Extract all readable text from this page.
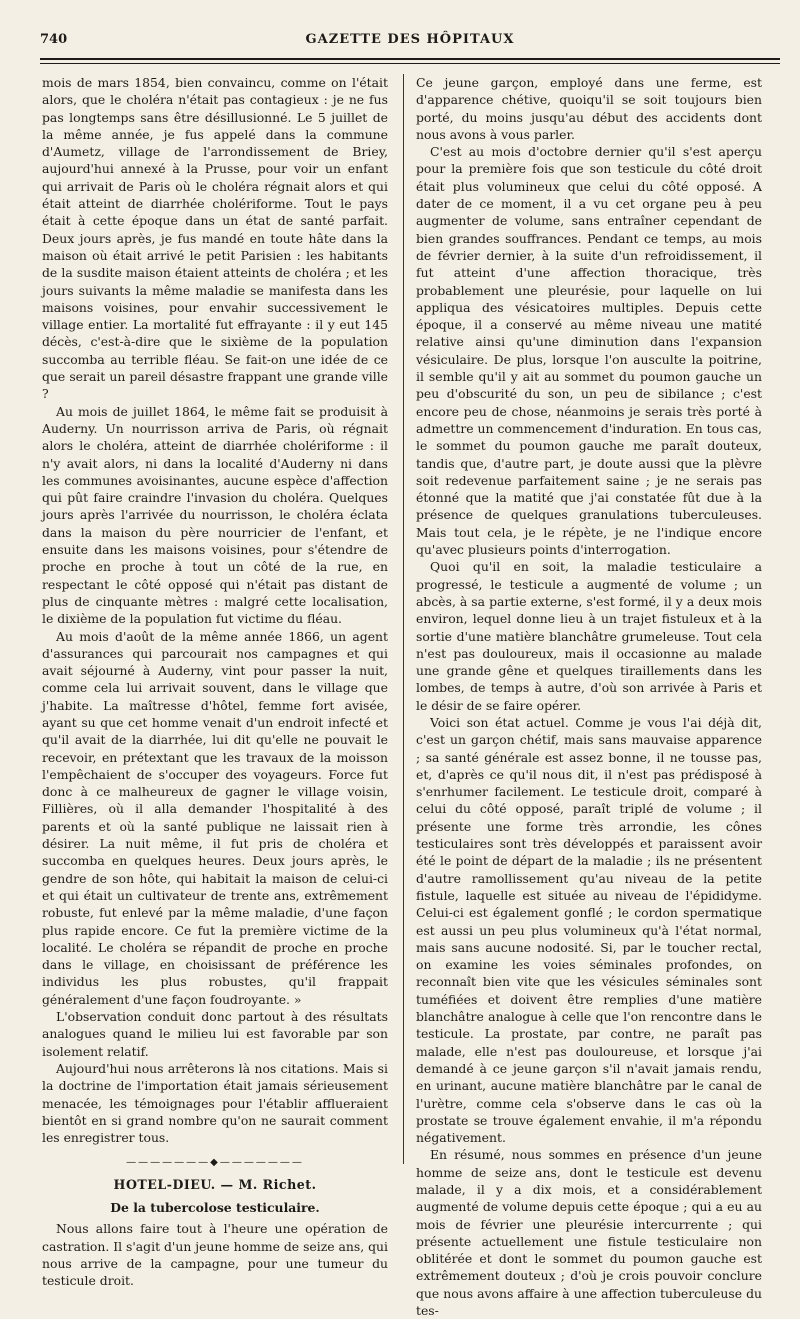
740	GAZETTE DES HÔPITAUX

mois de mars 1854, bien convaincu, comme on l'était alors, que le choléra n'était pas contagieux : je ne fus pas longtemps sans être désillusionné. Le 5 juillet de la même année, je fus appelé dans la commune d'Aumetz, village de l'arrondissement de Briey, aujourd'hui annexé à la Prusse, pour voir un enfant qui arrivait de Paris où le choléra régnait alors et qui était atteint de diarrhée cholériforme. Tout le pays était à cette époque dans un état de santé parfait. Deux jours après, je fus mandé en toute hâte dans la maison où était arrivé le petit Parisien : les habitants de la susdite maison étaient atteints de choléra ; et les jours suivants la même maladie se manifesta dans les maisons voisines, pour envahir successivement le village entier. La mortalité fut effrayante : il y eut 145 décès, c'est-à-dire que le sixième de la population succomba au terrible fléau. Se fait-on une idée de ce que serait un pareil désastre frappant une grande ville ?

Au mois de juillet 1864, le même fait se produisit à Auderny. Un nourrisson arriva de Paris, où régnait alors le choléra, atteint de diarrhée cholériforme : il n'y avait alors, ni dans la localité d'Auderny ni dans les communes avoisinantes, aucune espèce d'affection qui pût faire craindre l'invasion du choléra. Quelques jours après l'arrivée du nourrisson, le choléra éclata dans la maison du père nourricier de l'enfant, et ensuite dans les maisons voisines, pour s'étendre de proche en proche à tout un côté de la rue, en respectant le côté opposé qui n'était pas distant de plus de cinquante mètres : malgré cette localisation, le dixième de la population fut victime du fléau.

Au mois d'août de la même année 1866, un agent d'assurances qui parcourait nos campagnes et qui avait séjourné à Auderny, vint pour passer la nuit, comme cela lui arrivait souvent, dans le village que j'habite. La maîtresse d'hôtel, femme fort avisée, ayant su que cet homme venait d'un endroit infecté et qu'il avait de la diarrhée, lui dit qu'elle ne pouvait le recevoir, en prétextant que les travaux de la moisson l'empêchaient de s'occuper des voyageurs. Force fut donc à ce malheureux de gagner le village voisin, Fillières, où il alla demander l'hospitalité à des parents et où la santé publique ne laissait rien à désirer. La nuit même, il fut pris de choléra et succomba en quelques heures. Deux jours après, le gendre de son hôte, qui habitait la maison de celui-ci et qui était un cultivateur de trente ans, extrêmement robuste, fut enlevé par la même maladie, d'une façon plus rapide encore. Ce fut la première victime de la localité. Le choléra se répandit de proche en proche dans le village, en choisissant de préférence les individus les plus robustes, qu'il frappait généralement d'une façon foudroyante. »

L'observation conduit donc partout à des résultats analogues quand le milieu lui est favorable par son isolement relatif.

Aujourd'hui nous arrêterons là nos citations. Mais si la doctrine de l'importation était jamais sérieusement menacée, les témoignages pour l'établir afflueraient bientôt en si grand nombre qu'on ne saurait comment les enregistrer tous.

———————◆———————
HOTEL-DIEU. — M. Richet.
De la tubercolose testiculaire.

Nous allons faire tout à l'heure une opération de castration. Il s'agit d'un jeune homme de seize ans, qui nous arrive de la campagne, pour une tumeur du testicule droit.

Ce jeune garçon, employé dans une ferme, est d'apparence chétive, quoiqu'il se soit toujours bien porté, du moins jusqu'au début des accidents dont nous avons à vous parler.

C'est au mois d'octobre dernier qu'il s'est aperçu pour la première fois que son testicule du côté droit était plus volumineux que celui du côté opposé. A dater de ce moment, il a vu cet organe peu à peu augmenter de volume, sans entraîner cependant de bien grandes souffrances. Pendant ce temps, au mois de février dernier, à la suite d'un refroidissement, il fut atteint d'une affection thoracique, très probablement une pleurésie, pour laquelle on lui appliqua des vésicatoires multiples. Depuis cette époque, il a conservé au même niveau une matité relative ainsi qu'une diminution dans l'expansion vésiculaire. De plus, lorsque l'on ausculte la poitrine, il semble qu'il y ait au sommet du poumon gauche un peu d'obscurité du son, un peu de sibilance ; c'est encore peu de chose, néanmoins je serais très porté à admettre un commencement d'induration. En tous cas, le sommet du poumon gauche me paraît douteux, tandis que, d'autre part, je doute aussi que la plèvre soit redevenue parfaitement saine ; je ne serais pas étonné que la matité que j'ai constatée fût due à la présence de quelques granulations tuberculeuses. Mais tout cela, je le répète, je ne l'indique encore qu'avec plusieurs points d'interrogation.

Quoi qu'il en soit, la maladie testiculaire a progressé, le testicule a augmenté de volume ; un abcès, à sa partie externe, s'est formé, il y a deux mois environ, lequel donne lieu à un trajet fistuleux et à la sortie d'une matière blanchâtre grumeleuse. Tout cela n'est pas douloureux, mais il occasionne au malade une grande gêne et quelques tiraillements dans les lombes, de temps à autre, d'où son arrivée à Paris et le désir de se faire opérer.

Voici son état actuel. Comme je vous l'ai déjà dit, c'est un garçon chétif, mais sans mauvaise apparence ; sa santé générale est assez bonne, il ne tousse pas, et, d'après ce qu'il nous dit, il n'est pas prédisposé à s'enrhumer facilement. Le testicule droit, comparé à celui du côté opposé, paraît triplé de volume ; il présente une forme très arrondie, les cônes testiculaires sont très développés et paraissent avoir été le point de départ de la maladie ; ils ne présentent d'autre ramollissement qu'au niveau de la petite fistule, laquelle est située au niveau de l'épididyme. Celui-ci est également gonflé ; le cordon spermatique est aussi un peu plus volumineux qu'à l'état normal, mais sans aucune nodosité. Si, par le toucher rectal, on examine les voies séminales profondes, on reconnaît bien vite que les vésicules séminales sont tuméfiées et doivent être remplies d'une matière blanchâtre analogue à celle que l'on rencontre dans le testicule. La prostate, par contre, ne paraît pas malade, elle n'est pas douloureuse, et lorsque j'ai demandé à ce jeune garçon s'il n'avait jamais rendu, en urinant, aucune matière blanchâtre par le canal de l'urètre, comme cela s'observe dans le cas où la prostate se trouve également envahie, il m'a répondu négativement.

En résumé, nous sommes en présence d'un jeune homme de seize ans, dont le testicule est devenu malade, il y a dix mois, et a considérablement augmenté de volume depuis cette époque ; qui a eu au mois de février une pleurésie intercurrente ; qui présente actuellement une fistule testiculaire non oblitérée et dont le sommet du poumon gauche est extrêmement douteux ; d'où je crois pouvoir conclure que nous avons affaire à une affection tuberculeuse du tes-
